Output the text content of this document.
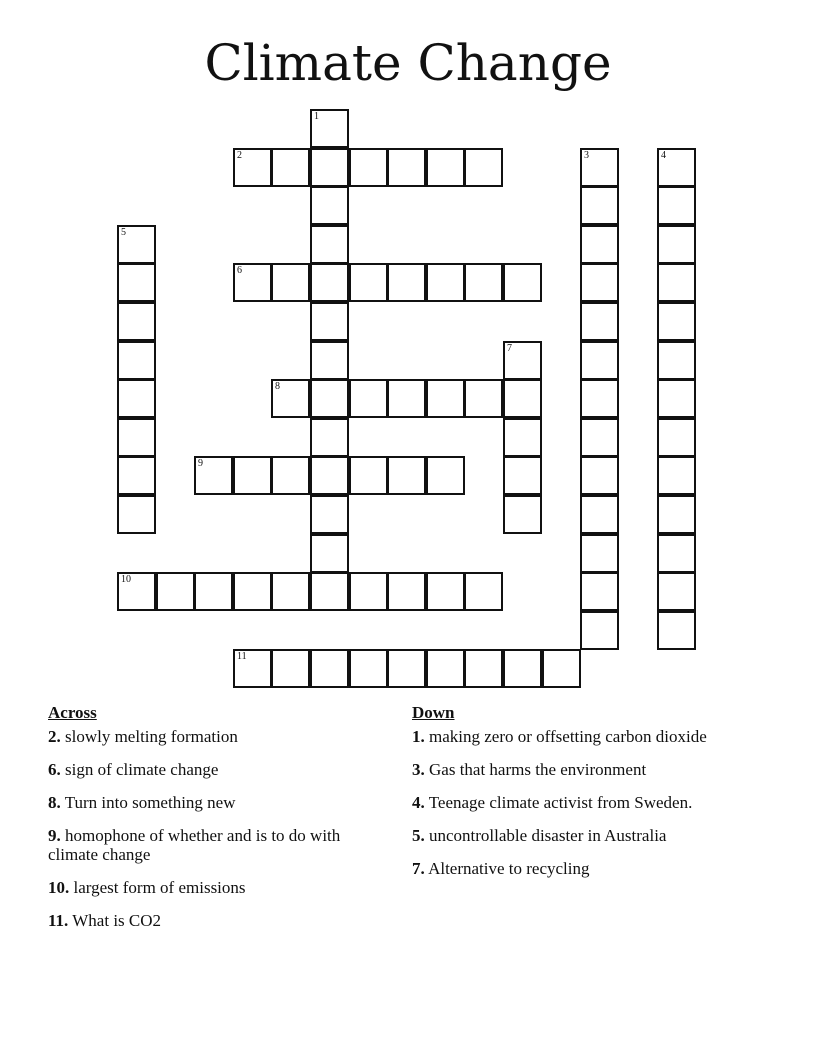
Climate Change
1
2	3	4
5
6
7
8
9
10
11
Across
2. slowly melting formation
6. sign of climate change
8. Turn into something new
9. homophone of whether and is to do with climate change
10. largest form of emissions
11. What is CO2
Down
1. making zero or offsetting carbon dioxide
3. Gas that harms the environment
4. Teenage climate activist from Sweden.
5. uncontrollable disaster in Australia
7. Alternative to recycling
